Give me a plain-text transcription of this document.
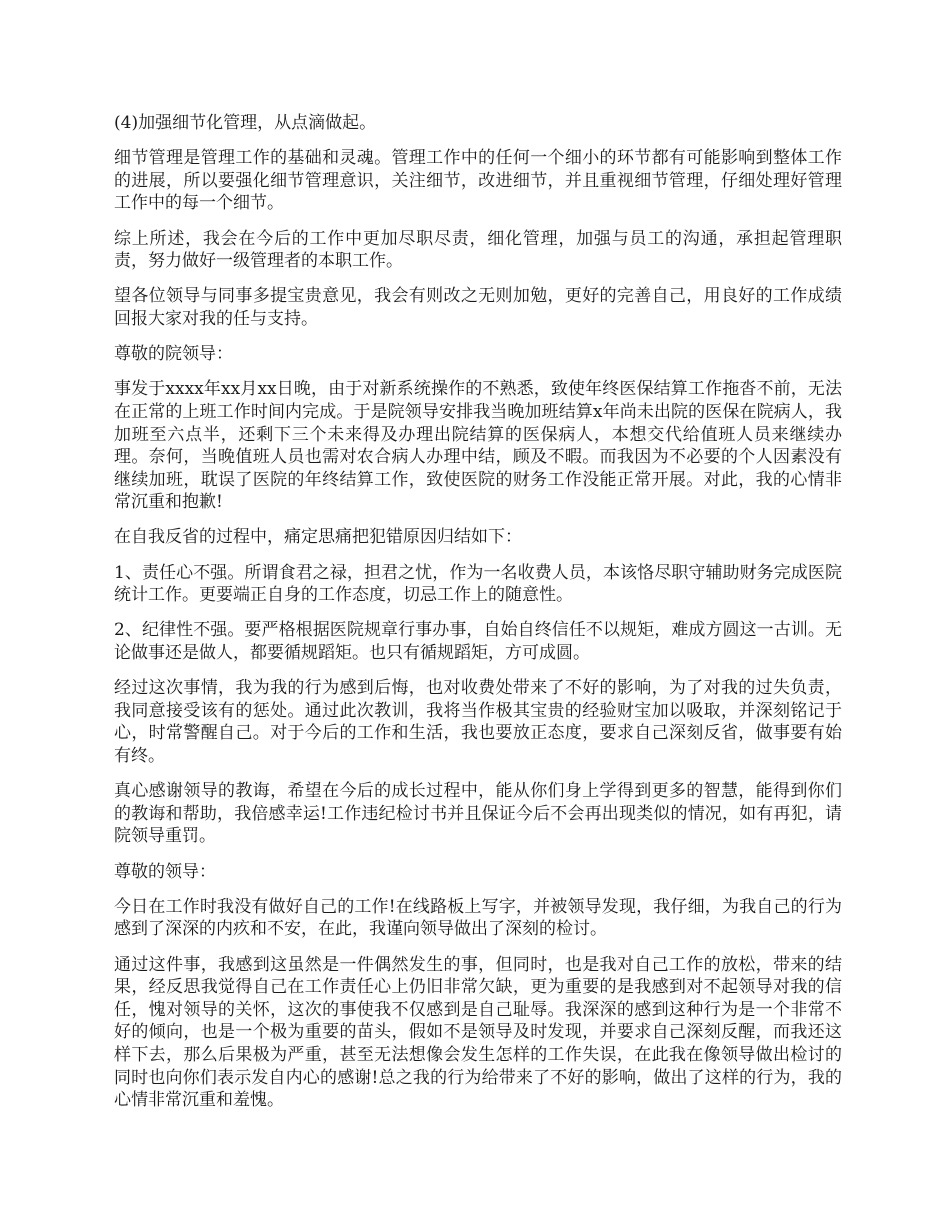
(4)加强细节化管理，从点滴做起。

细节管理是管理工作的基础和灵魂。管理工作中的任何一个细小的环节都有可能影响到整体工作的进展，所以要强化细节管理意识，关注细节，改进细节，并且重视细节管理，仔细处理好管理工作中的每一个细节。

综上所述，我会在今后的工作中更加尽职尽责，细化管理，加强与员工的沟通，承担起管理职责，努力做好一级管理者的本职工作。

望各位领导与同事多提宝贵意见，我会有则改之无则加勉，更好的完善自己，用良好的工作成绩回报大家对我的任与支持。

尊敬的院领导：

事发于xxxx年xx月xx日晚，由于对新系统操作的不熟悉，致使年终医保结算工作拖沓不前，无法在正常的上班工作时间内完成。于是院领导安排我当晚加班结算x年尚未出院的医保在院病人，我加班至六点半，还剩下三个未来得及办理出院结算的医保病人，本想交代给值班人员来继续办理。奈何，当晚值班人员也需对农合病人办理中结，顾及不暇。而我因为不必要的个人因素没有继续加班，耽误了医院的年终结算工作，致使医院的财务工作没能正常开展。对此，我的心情非常沉重和抱歉!

在自我反省的过程中，痛定思痛把犯错原因归结如下：

1、责任心不强。所谓食君之禄，担君之忧，作为一名收费人员，本该恪尽职守辅助财务完成医院统计工作。更要端正自身的工作态度，切忌工作上的随意性。

2、纪律性不强。要严格根据医院规章行事办事，自始自终信任不以规矩，难成方圆这一古训。无论做事还是做人，都要循规蹈矩。也只有循规蹈矩，方可成圆。

经过这次事情，我为我的行为感到后悔，也对收费处带来了不好的影响，为了对我的过失负责，我同意接受该有的惩处。通过此次教训，我将当作极其宝贵的经验财宝加以吸取，并深刻铭记于心，时常警醒自己。对于今后的工作和生活，我也要放正态度，要求自己深刻反省，做事要有始有终。

真心感谢领导的教诲，希望在今后的成长过程中，能从你们身上学得到更多的智慧，能得到你们的教诲和帮助，我倍感幸运!工作违纪检讨书并且保证今后不会再出现类似的情况，如有再犯，请院领导重罚。

尊敬的领导：

今日在工作时我没有做好自己的工作!在线路板上写字，并被领导发现，我仔细，为我自己的行为感到了深深的内疚和不安，在此，我谨向领导做出了深刻的检讨。

通过这件事，我感到这虽然是一件偶然发生的事，但同时，也是我对自己工作的放松，带来的结果，经反思我觉得自己在工作责任心上仍旧非常欠缺，更为重要的是我感到对不起领导对我的信任，愧对领导的关怀，这次的事使我不仅感到是自己耻辱。我深深的感到这种行为是一个非常不好的倾向，也是一个极为重要的苗头，假如不是领导及时发现，并要求自己深刻反醒，而我还这样下去，那么后果极为严重，甚至无法想像会发生怎样的工作失误，在此我在像领导做出检讨的同时也向你们表示发自内心的感谢!总之我的行为给带来了不好的影响，做出了这样的行为，我的心情非常沉重和羞愧。
